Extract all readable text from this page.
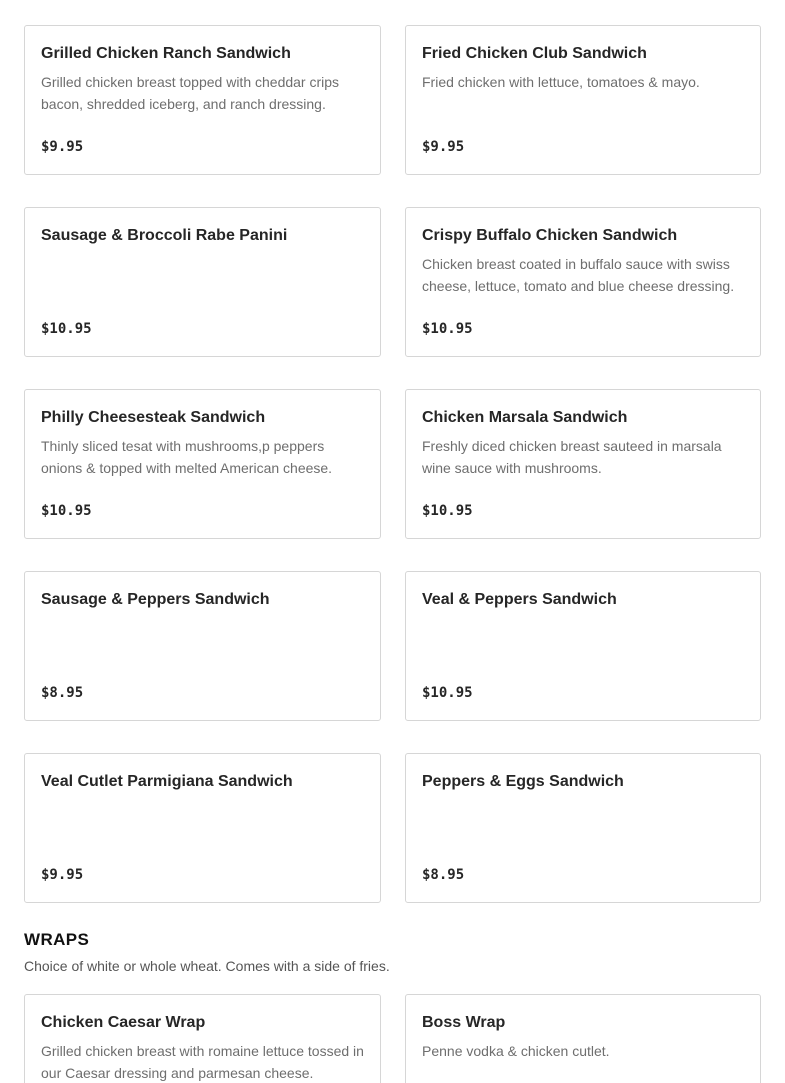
Grilled Chicken Ranch Sandwich
Grilled chicken breast topped with cheddar crips bacon, shredded iceberg, and ranch dressing.
$9.95
Fried Chicken Club Sandwich
Fried chicken with lettuce, tomatoes & mayo.
$9.95
Sausage & Broccoli Rabe Panini
$10.95
Crispy Buffalo Chicken Sandwich
Chicken breast coated in buffalo sauce with swiss cheese, lettuce, tomato and blue cheese dressing.
$10.95
Philly Cheesesteak Sandwich
Thinly sliced tesat with mushrooms,p peppers onions & topped with melted American cheese.
$10.95
Chicken Marsala Sandwich
Freshly diced chicken breast sauteed in marsala wine sauce with mushrooms.
$10.95
Sausage & Peppers Sandwich
$8.95
Veal & Peppers Sandwich
$10.95
Veal Cutlet Parmigiana Sandwich
$9.95
Peppers & Eggs Sandwich
$8.95
WRAPS
Choice of white or whole wheat. Comes with a side of fries.
Chicken Caesar Wrap
Grilled chicken breast with romaine lettuce tossed in our Caesar dressing and parmesan cheese.
Boss Wrap
Penne vodka & chicken cutlet.
